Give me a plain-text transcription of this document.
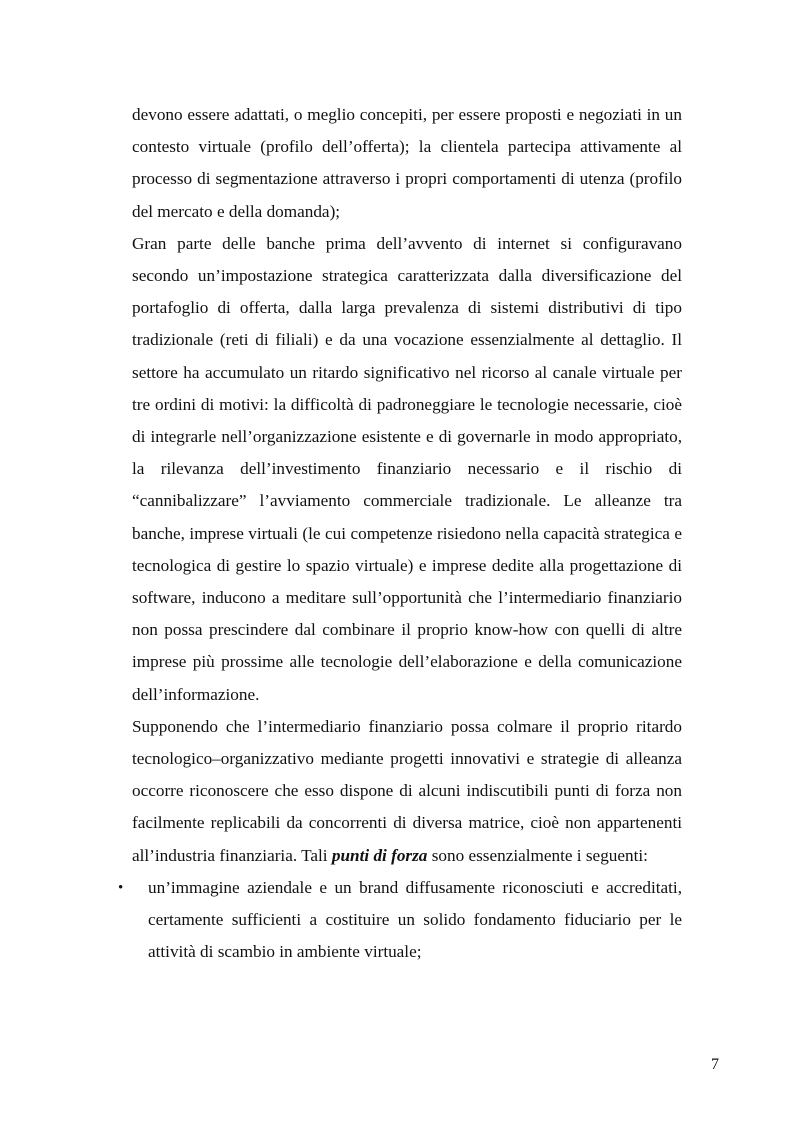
devono essere adattati, o meglio concepiti, per essere proposti e negoziati in un contesto virtuale (profilo dell’offerta); la clientela partecipa attivamente al processo di segmentazione attraverso i propri comportamenti di utenza (profilo del mercato e della domanda);

Gran parte delle banche prima dell’avvento di internet si configuravano secondo un’impostazione strategica caratterizzata dalla diversificazione del portafoglio di offerta, dalla larga prevalenza di sistemi distributivi di tipo tradizionale (reti di filiali) e da una vocazione essenzialmente al dettaglio. Il settore ha accumulato un ritardo significativo nel ricorso al canale virtuale per tre ordini di motivi: la difficoltà di padroneggiare le tecnologie necessarie, cioè di integrarle nell’organizzazione esistente e di governarle in modo appropriato, la rilevanza dell’investimento finanziario necessario e il rischio di “cannibalizzare” l’avviamento commerciale tradizionale. Le alleanze tra banche, imprese virtuali (le cui competenze risiedono nella capacità strategica e tecnologica di gestire lo spazio virtuale) e imprese dedite alla progettazione di software, inducono a meditare sull’opportunità che l’intermediario finanziario non possa prescindere dal combinare il proprio know-how con quelli di altre imprese più prossime alle tecnologie dell’elaborazione e della comunicazione dell’informazione.

Supponendo che l’intermediario finanziario possa colmare il proprio ritardo tecnologico–organizzativo mediante progetti innovativi e strategie di alleanza occorre riconoscere che esso dispone di alcuni indiscutibili punti di forza non facilmente replicabili da concorrenti di diversa matrice, cioè non appartenenti all’industria finanziaria. Tali punti di forza sono essenzialmente i seguenti:

• un’immagine aziendale e un brand diffusamente riconosciuti e accreditati, certamente sufficienti a costituire un solido fondamento fiduciario per le attività di scambio in ambiente virtuale;
7
